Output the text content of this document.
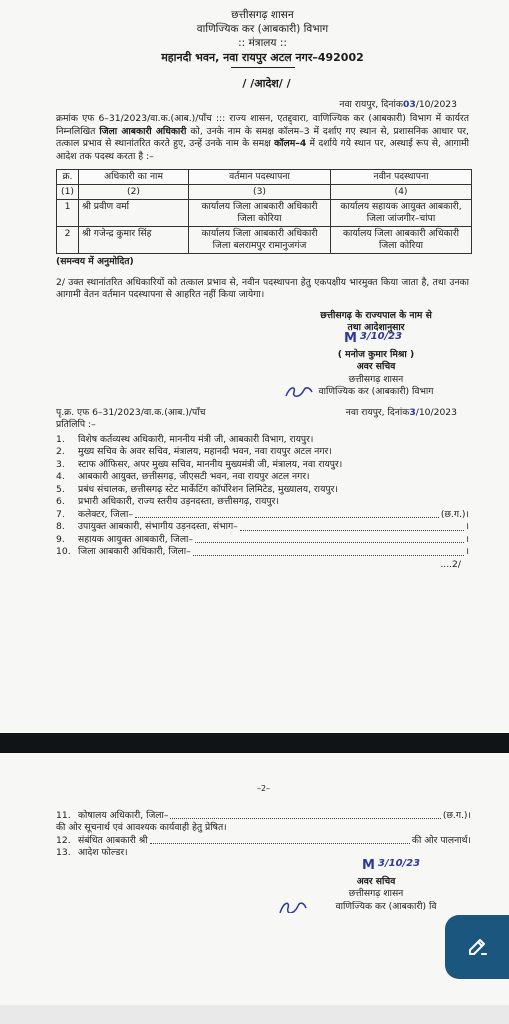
छत्तीसगढ़ शासन
वाणिज्यिक कर (आबकारी) विभाग
:: मंत्रालय ::
महानदी भवन, नवा रायपुर अटल नगर–492002
/ /आदेश/ /
नवा रायपुर, दिनांक03/10/2023
क्रमांक एफ 6–31/2023/वा.क.(आब.)/पाँच ::: राज्य शासन, एतद्द्वारा, वाणिज्यिक कर (आबकारी) विभाग में कार्यरत निम्नलिखित जिला आबकारी अधिकारी को, उनके नाम के समक्ष कॉलम–3 में दर्शाए गए स्थान से, प्रशासनिक आधार पर, तत्काल प्रभाव से स्थानांतरित करते हुए, उन्हें उनके नाम के समक्ष कॉलम–4 में दर्शाये गये स्थान पर, अस्थाई रूप से, आगामी आदेश तक पदस्थ करता है :–
क्र.	अधिकारी का नाम	वर्तमान पदस्थापना	नवीन पदस्थापना
(1)	(2)	(3)	(4)
1	श्री प्रवीण वर्मा	कार्यालय जिला आबकारी अधिकारी जिला कोरिया	कार्यालय सहायक आयुक्त आबकारी, जिला जांजगीर–चांपा
2	श्री गजेन्द्र कुमार सिंह	कार्यालय जिला आबकारी अधिकारी जिला बलरामपुर रामानुजगंज	कार्यालय जिला आबकारी अधिकारी जिला कोरिया
(समन्वय में अनुमोदित)
2/ उक्त स्थानांतरित अधिकारियों को तत्काल प्रभाव से, नवीन पदस्थापना हेतु एकपक्षीय भारमुक्त किया जाता है, तथा उनका आगामी वेतन वर्तमान पदस्थापना से आहरित नहीं किया जायेगा।
छत्तीसगढ़ के राज्यपाल के नाम से
तथा आदेशानुसार
M 3/10/23
( मनोज कुमार मिश्रा )
अवर सचिव
छत्तीसगढ़ शासन
वाणिज्यिक कर (आबकारी) विभाग
पृ.क्र. एफ 6–31/2023/वा.क.(आब.)/पाँच	नवा रायपुर, दिनांक3/10/2023
प्रतिलिपि :–
1.	विशेष कर्तव्यस्थ अधिकारी, माननीय मंत्री जी, आबकारी विभाग, रायपुर।
2.	मुख्य सचिव के अवर सचिव, मंत्रालय, महानदी भवन, नवा रायपुर अटल नगर।
3.	स्टाफ ऑफिसर, अपर मुख्य सचिव, माननीय मुख्यमंत्री जी, मंत्रालय, नवा रायपुर।
4.	आबकारी आयुक्त, छत्तीसगढ़, जीएसटी भवन, नवा रायपुर अटल नगर।
5.	प्रबंध संचालक, छत्तीसगढ़ स्टेट मार्केटिंग कॉर्पोरेशन लिमिटेड, मुख्यालय, रायपुर।
6.	प्रभारी अधिकारी, राज्य स्तरीय उड़नदस्ता, छत्तीसगढ़, रायपुर।
7.	कलेक्टर, जिला–	(छ.ग.)।
8.	उपायुक्त आबकारी, संभागीय उड़नदस्ता, संभाग–	।
9.	सहायक आयुक्त आबकारी, जिला–	।
10. जिला आबकारी अधिकारी, जिला–	।
....2/
–2–
11. कोषालय अधिकारी, जिला–	(छ.ग.)।
की ओर सूचनार्थ एवं आवश्यक कार्यवाही हेतु प्रेषित।
12. संबंधित आबकारी श्री	की ओर पालनार्थ।
13. आदेश फोल्डर।
M 3/10/23
अवर सचिव
छत्तीसगढ़ शासन
वाणिज्यिक कर (आबकारी) वि
